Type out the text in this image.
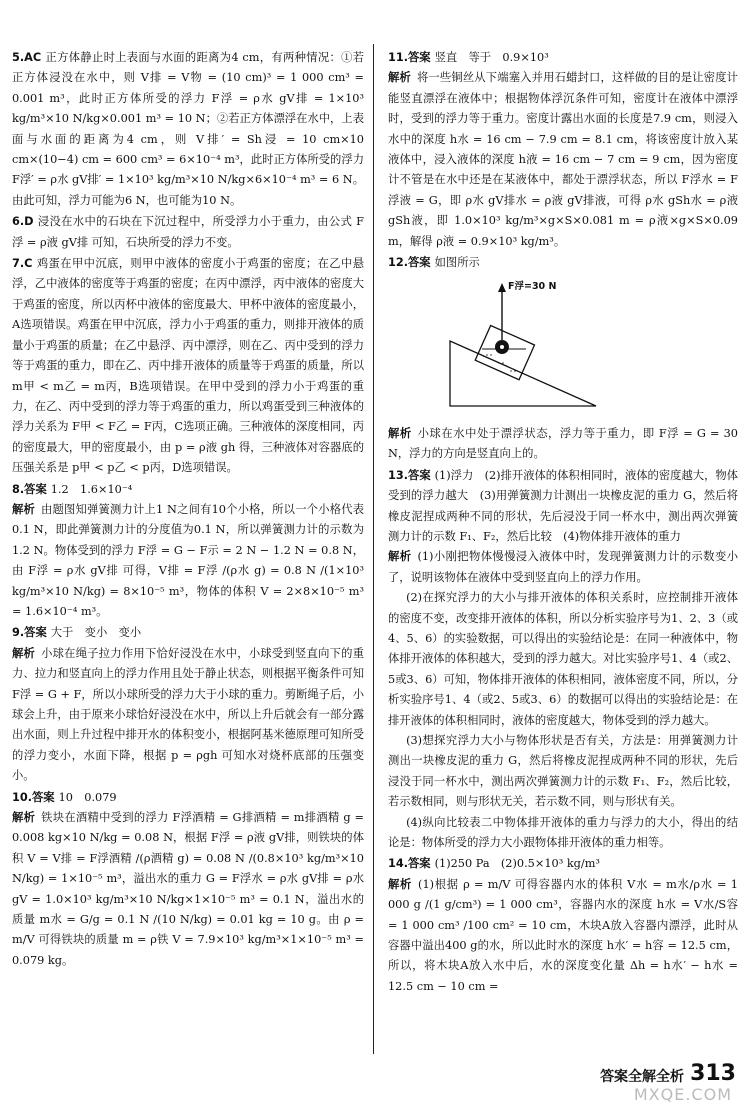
5.AC 正方体静止时上表面与水面的距离为4 cm，有两种情况：①若正方体浸没在水中，则 V排 = V物 = (10 cm)³ = 1 000 cm³ = 0.001 m³，此时正方体所受的浮力 F浮 = ρ水 gV排 = 1×10³ kg/m³×10 N/kg×0.001 m³ = 10 N；②若正方体漂浮在水中，上表面与水面的距离为4 cm，则 V排′ = Sh浸 = 10 cm×10 cm×(10−4) cm = 600 cm³ = 6×10⁻⁴ m³，此时正方体所受的浮力 F浮′ = ρ水 gV排′ = 1×10³ kg/m³×10 N/kg×6×10⁻⁴ m³ = 6 N。由此可知，浮力可能为6 N，也可能为10 N。

6.D 浸没在水中的石块在下沉过程中，所受浮力小于重力，由公式 F浮 = ρ液 gV排 可知，石块所受的浮力不变。

7.C 鸡蛋在甲中沉底，则甲中液体的密度小于鸡蛋的密度；在乙中悬浮，乙中液体的密度等于鸡蛋的密度；在丙中漂浮，丙中液体的密度大于鸡蛋的密度，所以丙杯中液体的密度最大、甲杯中液体的密度最小，A选项错误。鸡蛋在甲中沉底，浮力小于鸡蛋的重力，则排开液体的质量小于鸡蛋的质量；在乙中悬浮、丙中漂浮，则在乙、丙中受到的浮力等于鸡蛋的重力，即在乙、丙中排开液体的质量等于鸡蛋的质量，所以 m甲 < m乙 = m丙，B选项错误。在甲中受到的浮力小于鸡蛋的重力，在乙、丙中受到的浮力等于鸡蛋的重力，所以鸡蛋受到三种液体的浮力关系为 F甲 < F乙 = F丙，C选项正确。三种液体的深度相同，丙的密度最大，甲的密度最小，由 p = ρ液 gh 得，三种液体对容器底的压强关系是 p甲 < p乙 < p丙，D选项错误。

8.答案 1.2　1.6×10⁻⁴

解析 由题图知弹簧测力计上1 N之间有10个小格，所以一个小格代表0.1 N，即此弹簧测力计的分度值为0.1 N，所以弹簧测力计的示数为1.2 N。物体受到的浮力 F浮 = G − F示 = 2 N − 1.2 N = 0.8 N，由 F浮 = ρ水 gV排 可得，V排 = F浮 /(ρ水 g) = 0.8 N /(1×10³ kg/m³×10 N/kg) = 8×10⁻⁵ m³，物体的体积 V = 2×8×10⁻⁵ m³ = 1.6×10⁻⁴ m³。

9.答案 大于　变小　变小

解析 小球在绳子拉力作用下恰好浸没在水中，小球受到竖直向下的重力、拉力和竖直向上的浮力作用且处于静止状态，则根据平衡条件可知 F浮 = G + F，所以小球所受的浮力大于小球的重力。剪断绳子后，小球会上升，由于原来小球恰好浸没在水中，所以上升后就会有一部分露出水面，则上升过程中排开水的体积变小，根据阿基米德原理可知所受的浮力变小，水面下降，根据 p = ρgh 可知水对烧杯底部的压强变小。

10.答案 10　0.079

解析 铁块在酒精中受到的浮力 F浮酒精 = G排酒精 = m排酒精 g = 0.008 kg×10 N/kg = 0.08 N，根据 F浮 = ρ液 gV排，则铁块的体积 V = V排 = F浮酒精 /(ρ酒精 g) = 0.08 N /(0.8×10³ kg/m³×10 N/kg) = 1×10⁻⁵ m³，溢出水的重力 G = F浮水 = ρ水 gV排 = ρ水 gV = 1.0×10³ kg/m³×10 N/kg×1×10⁻⁵ m³ = 0.1 N，溢出水的质量 m水 = G/g = 0.1 N /(10 N/kg) = 0.01 kg = 10 g。由 ρ = m/V 可得铁块的质量 m = ρ铁 V = 7.9×10³ kg/m³×1×10⁻⁵ m³ = 0.079 kg。

11.答案 竖直　等于　0.9×10³

解析 将一些铜丝从下端塞入并用石蜡封口，这样做的目的是让密度计能竖直漂浮在液体中；根据物体浮沉条件可知，密度计在液体中漂浮时，受到的浮力等于重力。密度计露出水面的长度是7.9 cm，则浸入水中的深度 h水 = 16 cm − 7.9 cm = 8.1 cm，将该密度计放入某液体中，浸入液体的深度 h液 = 16 cm − 7 cm = 9 cm，因为密度计不管是在水中还是在某液体中，都处于漂浮状态，所以 F浮水 = F浮液 = G，即 ρ水 gV排水 = ρ液 gV排液，可得 ρ水 gSh水 = ρ液 gSh液，即 1.0×10³ kg/m³×g×S×0.081 m = ρ液×g×S×0.09 m，解得 ρ液 = 0.9×10³ kg/m³。

12.答案 如图所示

F浮=30 N

解析 小球在水中处于漂浮状态，浮力等于重力，即 F浮 = G = 30 N，浮力的方向是竖直向上的。

13.答案 (1)浮力　(2)排开液体的体积相同时，液体的密度越大，物体受到的浮力越大　(3)用弹簧测力计测出一块橡皮泥的重力 G，然后将橡皮泥捏成两种不同的形状，先后浸没于同一杯水中，测出两次弹簧测力计的示数 F₁、F₂，然后比较　(4)物体排开液体的重力

解析 (1)小刚把物体慢慢浸入液体中时，发现弹簧测力计的示数变小了，说明该物体在液体中受到竖直向上的浮力作用。

(2)在探究浮力的大小与排开液体的体积关系时，应控制排开液体的密度不变，改变排开液体的体积，所以分析实验序号为1、2、3（或4、5、6）的实验数据，可以得出的实验结论是：在同一种液体中，物体排开液体的体积越大，受到的浮力越大。对比实验序号1、4（或2、5或3、6）可知，物体排开液体的体积相同，液体密度不同，所以，分析实验序号1、4（或2、5或3、6）的数据可以得出的实验结论是：在排开液体的体积相同时，液体的密度越大，物体受到的浮力越大。

(3)想探究浮力大小与物体形状是否有关，方法是：用弹簧测力计测出一块橡皮泥的重力 G，然后将橡皮泥捏成两种不同的形状，先后浸没于同一杯水中，测出两次弹簧测力计的示数 F₁、F₂，然后比较，若示数相同，则与形状无关，若示数不同，则与形状有关。

(4)纵向比较表二中物体排开液体的重力与浮力的大小，得出的结论是：物体所受的浮力大小跟物体排开液体的重力相等。

14.答案 (1)250 Pa　(2)0.5×10³ kg/m³

解析 (1)根据 ρ = m/V 可得容器内水的体积 V水 = m水/ρ水 = 1 000 g /(1 g/cm³) = 1 000 cm³，容器内水的深度 h水 = V水/S容 = 1 000 cm³ /100 cm² = 10 cm，木块A放入容器内漂浮，此时从容器中溢出400 g的水，所以此时水的深度 h水′ = h容 = 12.5 cm，所以，将木块A放入水中后，水的深度变化量 Δh = h水′ − h水 = 12.5 cm − 10 cm =

答案全解全析 313
MXQE.COM
